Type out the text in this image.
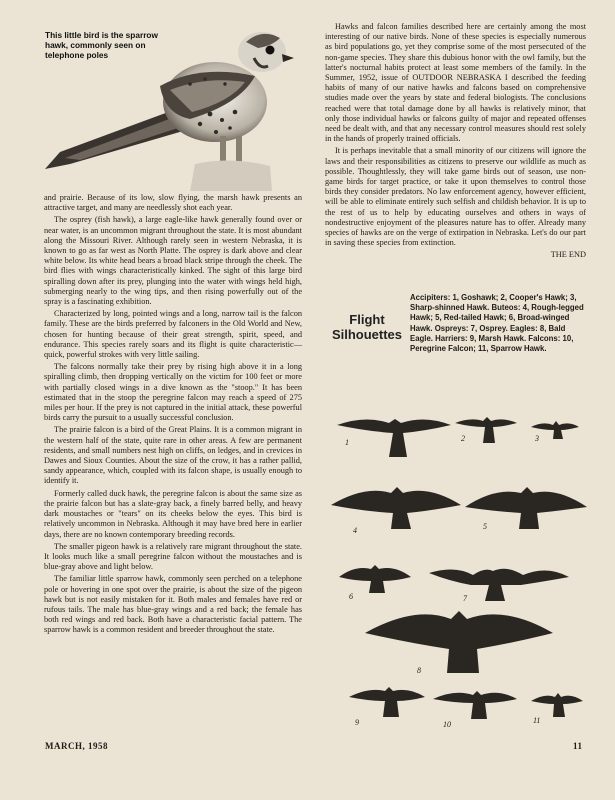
This little bird is the sparrow hawk, commonly seen on telephone poles

and prairie. Because of its low, slow flying, the marsh hawk presents an attractive target, and many are needlessly shot each year.

The osprey (fish hawk), a large eagle-like hawk generally found over or near water, is an uncommon migrant throughout the state. It is most abundant along the Missouri River. Although rarely seen in western Nebraska, it is known to go as far west as North Platte. The osprey is dark above and clear white below. Its white head bears a broad black stripe through the cheek. The bird flies with wings characteristically kinked. The sight of this large bird spiralling down after its prey, plunging into the water with wings held high, submerging nearly to the wing tips, and then rising powerfully out of the spray is a fascinating exhibition.

Characterized by long, pointed wings and a long, narrow tail is the falcon family. These are the birds preferred by falconers in the Old World and New, chosen for hunting because of their great strength, spirit, speed, and endurance. This species rarely soars and its flight is quite characteristic—quick, powerful strokes with very little sailing.

The falcons normally take their prey by rising high above it in a long spiralling climb, then dropping vertically on the victim for 100 feet or more with partially closed wings in a dive known as the "stoop." It has been estimated that in the stoop the peregrine falcon may reach a speed of 275 miles per hour. If the prey is not captured in the initial attack, these powerful birds carry the pursuit to a usually successful conclusion.

The prairie falcon is a bird of the Great Plains. It is a common migrant in the western half of the state, quite rare in other areas. A few are permanent residents, and small numbers nest high on cliffs, on ledges, and in crevices in Dawes and Sioux Counties. About the size of the crow, it has a rather pallid, sandy appearance, which, coupled with its falcon shape, is usually enough to identify it.

Formerly called duck hawk, the peregrine falcon is about the same size as the prairie falcon but has a slate-gray back, a finely barred belly, and heavy dark moustaches or "tears" on its cheeks below the eyes. This bird is relatively uncommon in Nebraska. Although it may have bred here in earlier days, there are no known contemporary breeding records.

The smaller pigeon hawk is a relatively rare migrant throughout the state. It looks much like a small peregrine falcon without the moustaches and is blue-gray above and light below.

The familiar little sparrow hawk, commonly seen perched on a telephone pole or hovering in one spot over the prairie, is about the size of the pigeon hawk but is not easily mistaken for it. Both males and females have red or rufous tails. The male has blue-gray wings and a red back; the female has both red wings and red back. Both have a characteristic facial pattern. The sparrow hawk is a common resident and breeder throughout the state.

Hawks and falcon families described here are certainly among the most interesting of our native birds. None of these species is especially numerous as bird populations go, yet they comprise some of the most persecuted of the non-game species. They share this dubious honor with the owl family, but the latter's nocturnal habits protect at least some members of the family. In the Summer, 1952, issue of OUTDOOR NEBRASKA I described the feeding habits of many of our native hawks and falcons based on comprehensive studies made over the years by state and federal biologists. The conclusions reached were that total damage done by all hawks is relatively minor, that only those individual hawks or falcons guilty of major and repeated offenses need be dealt with, and that any necessary control measures should rest solely in the hands of properly trained officials.

It is perhaps inevitable that a small minority of our citizens will ignore the laws and their responsibilities as citizens to preserve our wildlife as much as possible. Thoughtlessly, they will take game birds out of season, use non-game birds for target practice, or take it upon themselves to control those birds they consider predators. No law enforcement agency, however efficient, will be able to eliminate entirely such selfish and childish behavior. It is up to the rest of us to help by educating ourselves and others in ways of nondestructive enjoyment of the pleasures nature has to offer. Already many species of hawks are on the verge of extirpation in Nebraska. Let's do our part in saving these species from extinction.

THE END
Flight
Silhouettes
Accipiters: 1, Goshawk; 2, Cooper's Hawk; 3, Sharp-shinned Hawk. Buteos: 4, Rough-legged Hawk; 5, Red-tailed Hawk; 6, Broad-winged Hawk. Ospreys: 7, Osprey. Eagles: 8, Bald Eagle. Harriers: 9, Marsh Hawk. Falcons: 10, Peregrine Falcon; 11, Sparrow Hawk.
1	2	3
4	5
6	7
8
9	10	11
MARCH, 1958	11
